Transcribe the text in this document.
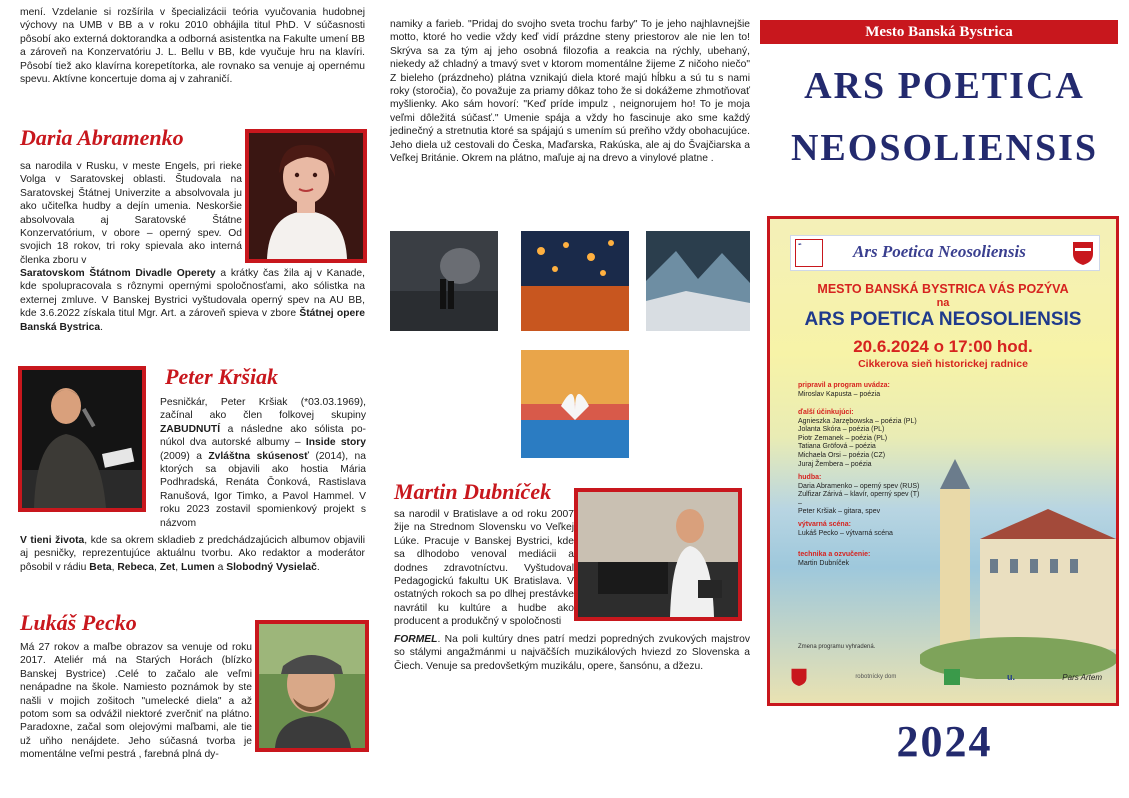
mení. Vzdelanie si rozšírila v špecializácii teória vyučovania hudobnej výchovy na UMB v BB a v roku 2010 obhájila titul PhD. V súčasnosti pôsobí ako externá doktorandka a odborná asistentka na Fakulte umení BB a zároveň na Konzervatóriu J. L. Bellu v BB, kde vyučuje hru na klavíri. Pôsobí tiež ako klavírna korepetítorka, ale rovnako sa venuje aj opernému spevu. Aktívne koncertuje doma aj v zahraničí.

Daria Abramenko

sa narodila v Rusku, v meste Engels, pri rieke Volga v Saratovskej oblasti. Študovala na Saratovskej Štátnej Univerzite a absolvovala ju ako učiteľka hudby a dejín umenia. Neskoršie absolvovala aj Saratovské Štátne Konzervatórium, v obore – operný spev. Od svojich 18 rokov, tri roky spievala ako interná členka zboru v

Saratovskom Štátnom Divadle Operety a krátky čas žila aj v Kanade, kde spolupracovala s rôznymi opernými spoločnosťami, ako sólistka na externej zmluve. V Banskej Bystrici vyštudovala operný spev na AU BB, kde 3.6.2022 získala titul Mgr. Art. a zároveň spieva v zbore Štátnej opere Banská Bystrica.

Peter Kršiak

Pesničkár, Peter Kršiak (*03.03.1969), začínal ako člen folkovej skupiny ZABUDNUTÍ a následne ako sólista po-núkol dva autorské albumy – Inside story (2009) a Zvláštna skúsenosť (2014), na ktorých sa objavili ako hostia Mária Podhradská, Renáta Čonková, Rastislava Ranušová, Igor Timko, a Pavol Hammel. V roku 2023 zostavil spomienkový projekt s názvom

V tieni života, kde sa okrem skladieb z predchádzajúcich albumov objavili aj pesničky, reprezentujúce aktuálnu tvorbu. Ako redaktor a moderátor pôsobil v rádiu Beta, Rebeca, Zet, Lumen a Slobodný Vysielač.

Lukáš Pecko

Má 27 rokov a maľbe obrazov sa venuje od roku 2017. Ateliér má na Starých Horách (blízko Banskej Bystrice) .Celé to začalo ale veľmi nenápadne na škole. Namiesto poznámok by ste našli v mojich zošitoch "umelecké diela" a až potom som sa odvážil niektoré zverčniť na plátno. Paradoxne, začal som olejovými maľbami, ale tie už uňho nenájdete. Jeho súčasná tvorba je momentálne veľmi pestrá , farebná plná dy-

namiky a farieb. "Pridaj do svojho sveta trochu farby" To je jeho najhlavnejšie motto, ktoré ho vedie vždy keď vidí prázdne steny priestorov ale nie len to! Skrýva sa za tým aj jeho osobná filozofia a reakcia na rýchly, ubehaný, niekedy až chladný a tmavý svet v ktorom momentálne žijeme Z ničoho niečo" Z bieleho (prázdneho) plátna vznikajú diela ktoré majú hĺbku a sú tu s nami roky (storočia), čo považuje za priamy dôkaz toho že si dokážeme zhmotňovať myšlienky. Ako sám hovorí: "Keď príde impulz , neignorujem ho! To je moja veľmi dôležitá súčasť." Umenie spája a vždy ho fascinuje ako sme každý jedinečný a stretnutia ktoré sa spájajú s umením sú preňho vždy obohacujúce. Jeho diela už cestovali do Česka, Maďarska, Rakúska, ale aj do Švajčiarska a Veľkej Británie. Okrem na plátno, maľuje aj na drevo a vinylové platne .

Martin Dubníček

sa narodil v Bratislave a od roku 2007 žije na Strednom Slovensku vo Veľkej Lúke. Pracuje v Banskej Bystrici, kde sa dlhodobo venoval mediácii a dodnes zdravotníctvu. Vyštudoval Pedagogickú fakultu UK Bratislava. V ostatných rokoch sa po dlhej prestávke navrátil ku kultúre a hudbe ako producent a produkčný v spoločnosti

FORMEL. Na poli kultúry dnes patrí medzi popredných zvukových majstrov so stálymi angažmánmi u najväčších muzikálových hviezd zo Slovenska a Čiech. Venuje sa predovšetkým muzikálu, opere, šansónu, a džezu.

Mesto Banská Bystrica
ARS POETICA
NEOSOLIENSIS
✒	Ars Poetica Neosoliensis
MESTO BANSKÁ BYSTRICA VÁS POZÝVA
na
ARS POETICA NEOSOLIENSIS
20.6.2024 o 17:00 hod.
Cikkerova sieň historickej radnice
pripravil a program uvádza:
Miroslav Kapusta – poézia
ďalší účinkujúci:
Agnieszka Jarzębowska – poézia (PL)
Jolanta Skóra – poézia (PL)
Piotr Zemanek – poézia (PL)
Tatiana Gröfová – poézia
Michaela Orsi – poézia (CZ)
Juraj Žembera – poézia
hudba:
Daria Abramenko – operný spev (RUS)
Zulfizar Zárivá – klavír, operný spev (T)
–
Peter Kršiak – gitara, spev
výtvarná scéna:
Lukáš Pecko – výtvarná scéna
technika a ozvučenie:
Martin Dubníček
Zmena programu vyhradená.
robotnícky dom	u.	Pars Artem
2024
